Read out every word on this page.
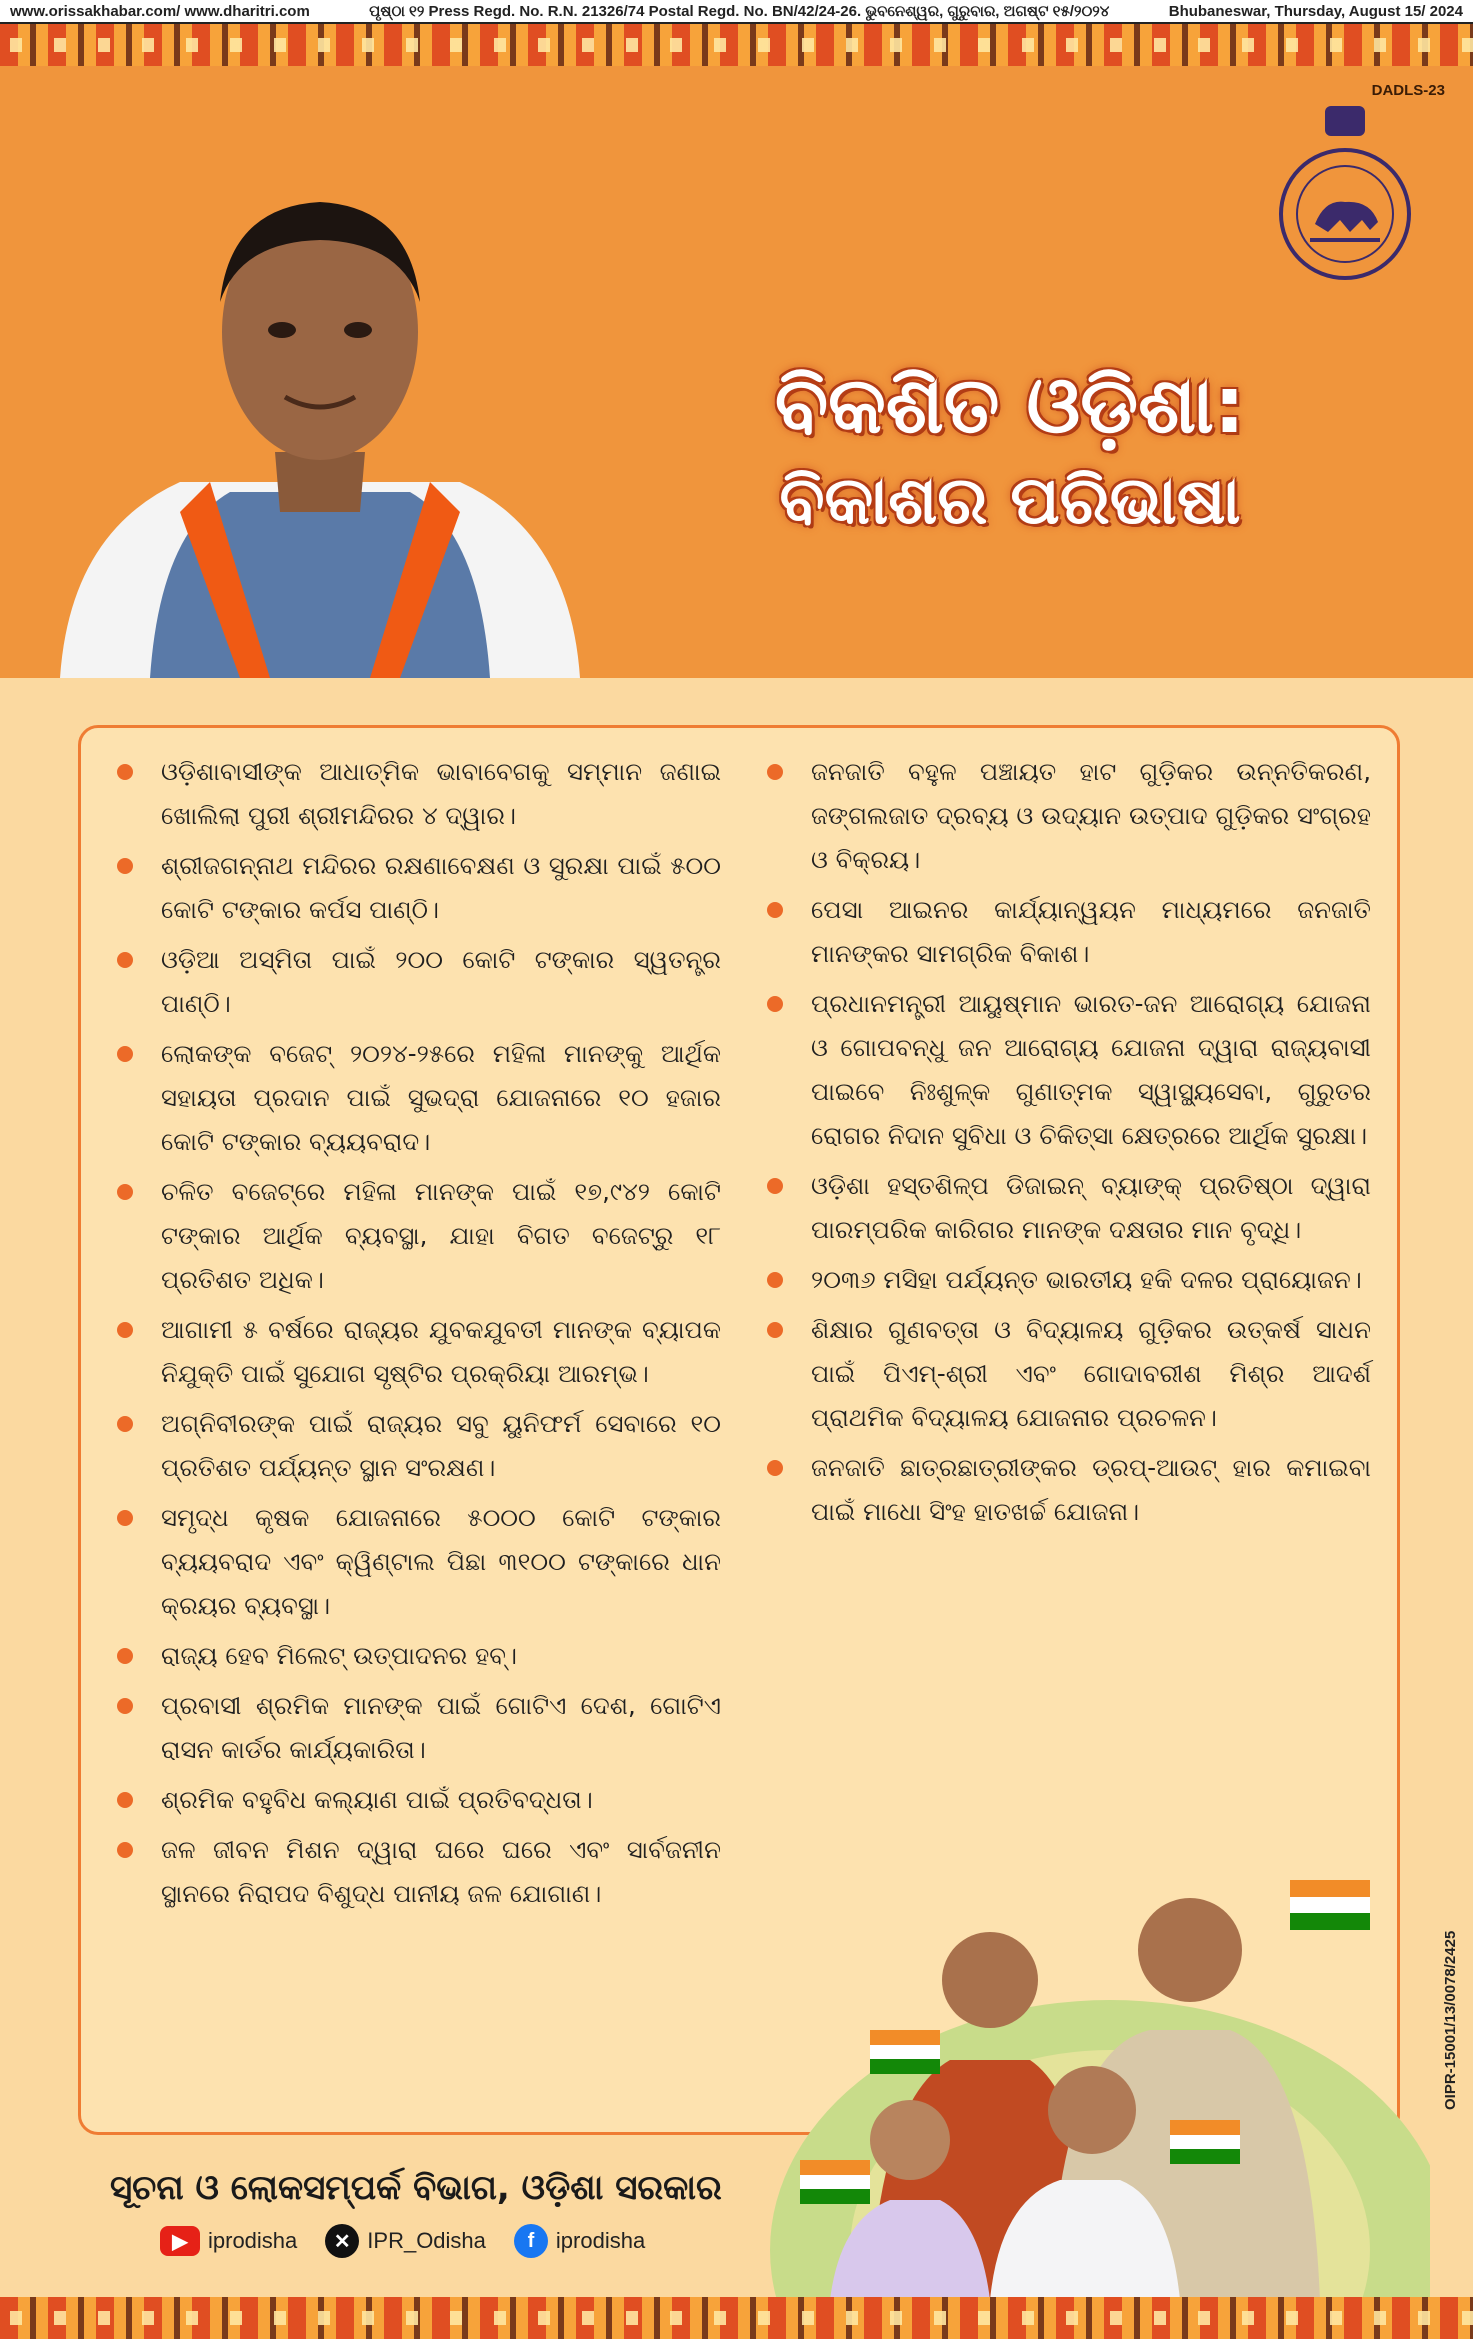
www.orissakhabar.com/ www.dharitri.com	ପୃଷ୍ଠା ୧୨ Press Regd. No. R.N. 21326/74 Postal Regd. No. BN/42/24-26. ଭୁବନେଶ୍ୱର, ଗୁରୁବାର, ଅଗଷ୍ଟ ୧୫/୨୦୨୪	Bhubaneswar, Thursday, August 15/ 2024
DADLS-23
ବିକଶିତ ଓଡ଼ିଶା:
ବିକାଶର ପରିଭାଷା
ଓଡ଼ିଶାବାସୀଙ୍କ ଆଧାତ୍ମିକ ଭାବାବେଗକୁ ସମ୍ମାନ ଜଣାଇ ଖୋଲିଲା ପୁରୀ ଶ୍ରୀମନ୍ଦିରର ୪ ଦ୍ୱାର।
ଶ୍ରୀଜଗନ୍ନାଥ ମନ୍ଦିରର ରକ୍ଷଣାବେକ୍ଷଣ ଓ ସୁରକ୍ଷା ପାଇଁ ୫୦୦ କୋଟି ଟଙ୍କାର କର୍ପସ ପାଣ୍ଠି।
ଓଡ଼ିଆ ଅସ୍ମିତା ପାଇଁ ୨୦୦ କୋଟି ଟଙ୍କାର ସ୍ୱତନ୍ତ୍ର ପାଣ୍ଠି।
ଲୋକଙ୍କ ବଜେଟ୍ ୨୦୨୪-୨୫ରେ ମହିଳା ମାନଙ୍କୁ ଆର୍ଥିକ ସହାୟତା ପ୍ରଦାନ ପାଇଁ ସୁଭଦ୍ରା ଯୋଜନାରେ ୧୦ ହଜାର କୋଟି ଟଙ୍କାର ବ୍ୟୟବରାଦ।
ଚଳିତ ବଜେଟ୍‌ରେ ମହିଳା ମାନଙ୍କ ପାଇଁ ୧୭,୯୪୨ କୋଟି ଟଙ୍କାର ଆର୍ଥିକ ବ୍ୟବସ୍ଥା, ଯାହା ବିଗତ ବଜେଟ୍‌ରୁ ୧୮ ପ୍ରତିଶତ ଅଧିକ।
ଆଗାମୀ ୫ ବର୍ଷରେ ରାଜ୍ୟର ଯୁବକଯୁବତୀ ମାନଙ୍କ ବ୍ୟାପକ ନିଯୁକ୍ତି ପାଇଁ ସୁଯୋଗ ସୃଷ୍ଟିର ପ୍ରକ୍ରିୟା ଆରମ୍ଭ।
ଅଗ୍ନିବୀରଙ୍କ ପାଇଁ ରାଜ୍ୟର ସବୁ ୟୁନିଫର୍ମ ସେବାରେ ୧୦ ପ୍ରତିଶତ ପର୍ଯ୍ୟନ୍ତ ସ୍ଥାନ ସଂରକ୍ଷଣ।
ସମୃଦ୍ଧ କୃଷକ ଯୋଜନାରେ ୫୦୦୦ କୋଟି ଟଙ୍କାର ବ୍ୟୟବରାଦ ଏବଂ କ୍ୱିଣ୍ଟାଲ ପିଛା ୩୧୦୦ ଟଙ୍କାରେ ଧାନ କ୍ରୟର ବ୍ୟବସ୍ଥା।
ରାଜ୍ୟ ହେବ ମିଲେଟ୍ ଉତ୍ପାଦନର ହବ୍।
ପ୍ରବାସୀ ଶ୍ରମିକ ମାନଙ୍କ ପାଇଁ ଗୋଟିଏ ଦେଶ, ଗୋଟିଏ ରାସନ କାର୍ଡର କାର୍ଯ୍ୟକାରିତା।
ଶ୍ରମିକ ବହୁବିଧ କଲ୍ୟାଣ ପାଇଁ ପ୍ରତିବଦ୍ଧତା।
ଜଳ ଜୀବନ ମିଶନ ଦ୍ୱାରା ଘରେ ଘରେ ଏବଂ ସାର୍ବଜନୀନ ସ୍ଥାନରେ ନିରାପଦ ବିଶୁଦ୍ଧ ପାନୀୟ ଜଳ ଯୋଗାଣ।
ଜନଜାତି ବହୁଳ ପଞ୍ଚାୟତ ହାଟ ଗୁଡ଼ିକର ଉନ୍ନତିକରଣ, ଜଙ୍ଗଲଜାତ ଦ୍ରବ୍ୟ ଓ ଉଦ୍ୟାନ ଉତ୍ପାଦ ଗୁଡ଼ିକର ସଂଗ୍ରହ ଓ ବିକ୍ରୟ।
ପେସା ଆଇନର କାର୍ଯ୍ୟାନ୍ୱୟନ ମାଧ୍ୟମରେ ଜନଜାତି ମାନଙ୍କର ସାମଗ୍ରିକ ବିକାଶ।
ପ୍ରଧାନମନ୍ତ୍ରୀ ଆୟୁଷ୍ମାନ ଭାରତ-ଜନ ଆରୋଗ୍ୟ ଯୋଜନା ଓ ଗୋପବନ୍ଧୁ ଜନ ଆରୋଗ୍ୟ ଯୋଜନା ଦ୍ୱାରା ରାଜ୍ୟବାସୀ ପାଇବେ ନିଃଶୁଳ୍କ ଗୁଣାତ୍ମକ ସ୍ୱାସ୍ଥ୍ୟସେବା, ଗୁରୁତର ରୋଗର ନିଦାନ ସୁବିଧା ଓ ଚିକିତ୍ସା କ୍ଷେତ୍ରରେ ଆର୍ଥିକ ସୁରକ୍ଷା।
ଓଡ଼ିଶା ହସ୍ତଶିଳ୍ପ ଡିଜାଇନ୍ ବ୍ୟାଙ୍କ୍ ପ୍ରତିଷ୍ଠା ଦ୍ୱାରା ପାରମ୍ପରିକ କାରିଗର ମାନଙ୍କ ଦକ୍ଷତାର ମାନ ବୃଦ୍ଧି।
୨୦୩୬ ମସିହା ପର୍ଯ୍ୟନ୍ତ ଭାରତୀୟ ହକି ଦଳର ପ୍ରାୟୋଜନ।
ଶିକ୍ଷାର ଗୁଣବତ୍ତା ଓ ବିଦ୍ୟାଳୟ ଗୁଡ଼ିକର ଉତ୍କର୍ଷ ସାଧନ ପାଇଁ ପିଏମ୍-ଶ୍ରୀ ଏବଂ ଗୋଦାବରୀଶ ମିଶ୍ର ଆଦର୍ଶ ପ୍ରାଥମିକ ବିଦ୍ୟାଳୟ ଯୋଜନାର ପ୍ରଚଳନ।
ଜନଜାତି ଛାତ୍ରଛାତ୍ରୀଙ୍କର ଡ୍ରପ୍-ଆଉଟ୍ ହାର କମାଇବା ପାଇଁ ମାଧୋ ସିଂହ ହାତଖର୍ଚ୍ଚ ଯୋଜନା।
ସୂଚନା ଓ ଲୋକସମ୍ପର୍କ ବିଭାଗ, ଓଡ଼ିଶା ସରକାର
▶ iprodisha	✕ IPR_Odisha	f iprodisha
OIPR-15001/13/0078/2425
